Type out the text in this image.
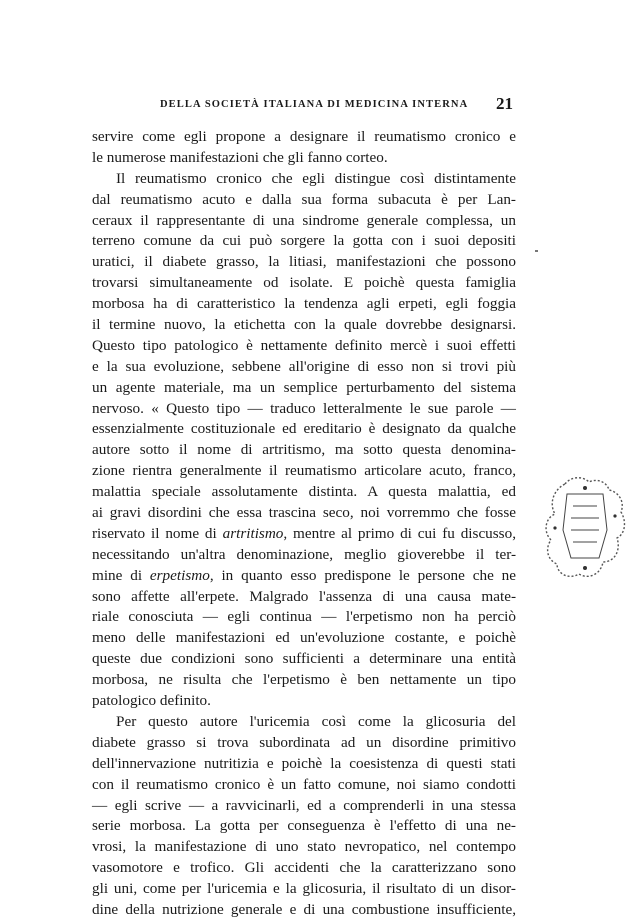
DELLA SOCIETÀ ITALIANA DI MEDICINA INTERNA 21
servire come egli propone a designare il reumatismo cronico e
le numerose manifestazioni che gli fanno corteo.
Il reumatismo cronico che egli distingue così distintamente
dal reumatismo acuto e dalla sua forma subacuta è per Lan-
ceraux il rappresentante di una sindrome generale complessa, un
terreno comune da cui può sorgere la gotta con i suoi depositi
uratici, il diabete grasso, la litiasi, manifestazioni che possono
trovarsi simultaneamente od isolate. E poichè questa famiglia
morbosa ha di caratteristico la tendenza agli erpeti, egli foggia
il termine nuovo, la etichetta con la quale dovrebbe designarsi.
Questo tipo patologico è nettamente definito mercè i suoi effetti
e la sua evoluzione, sebbene all'origine di esso non si trovi più
un agente materiale, ma un semplice perturbamento del sistema
nervoso. « Questo tipo — traduco letteralmente le sue parole —
essenzialmente costituzionale ed ereditario è designato da qualche
autore sotto il nome di artritismo, ma sotto questa denomina-
zione rientra generalmente il reumatismo articolare acuto, franco,
malattia speciale assolutamente distinta. A questa malattia, ed
ai gravi disordini che essa trascina seco, noi vorremmo che fosse
riservato il nome di artritismo, mentre al primo di cui fu discusso,
necessitando un'altra denominazione, meglio gioverebbe il ter-
mine di erpetismo, in quanto esso predispone le persone che ne
sono affette all'erpete. Malgrado l'assenza di una causa mate-
riale conosciuta — egli continua — l'erpetismo non ha perciò
meno delle manifestazioni ed un'evoluzione costante, e poichè
queste due condizioni sono sufficienti a determinare una entità
morbosa, ne risulta che l'erpetismo è ben nettamente un tipo
patologico definito.
Per questo autore l'uricemia così come la glicosuria del
diabete grasso si trova subordinata ad un disordine primitivo
dell'innervazione nutritizia e poichè la coesistenza di questi stati
con il reumatismo cronico è un fatto comune, noi siamo condotti
— egli scrive — a ravvicinarli, ed a comprenderli in una stessa
serie morbosa. La gotta per conseguenza è l'effetto di una ne-
vrosi, la manifestazione di uno stato nevropatico, nel contempo
vasomotore e trofico. Gli accidenti che la caratterizzano sono
gli uni, come per l'uricemia e la glicosuria, il risultato di un disor-
dine della nutrizione generale e di una combustione insufficiente,
